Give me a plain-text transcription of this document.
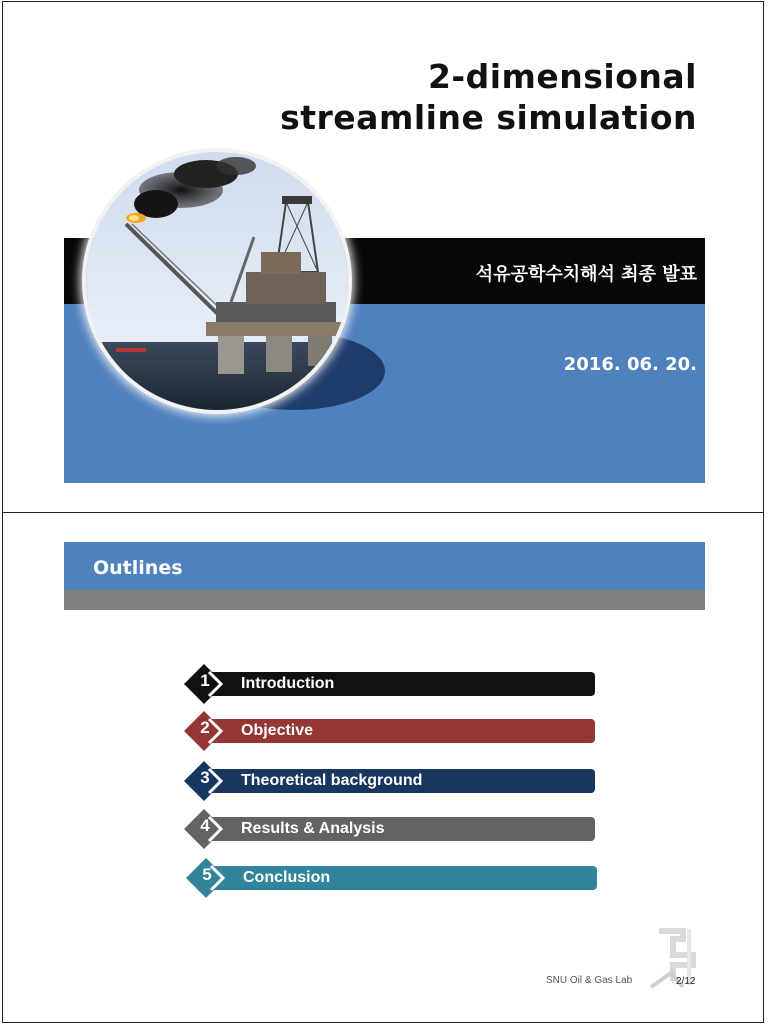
2-dimensional
streamline simulation
석유공학수치해석 최종 발표
2016. 06. 20.
Outlines
1	Introduction
2	Objective
3	Theoretical background
4	Results & Analysis
5	Conclusion
SNU Oil & Gas Lab	2/12
